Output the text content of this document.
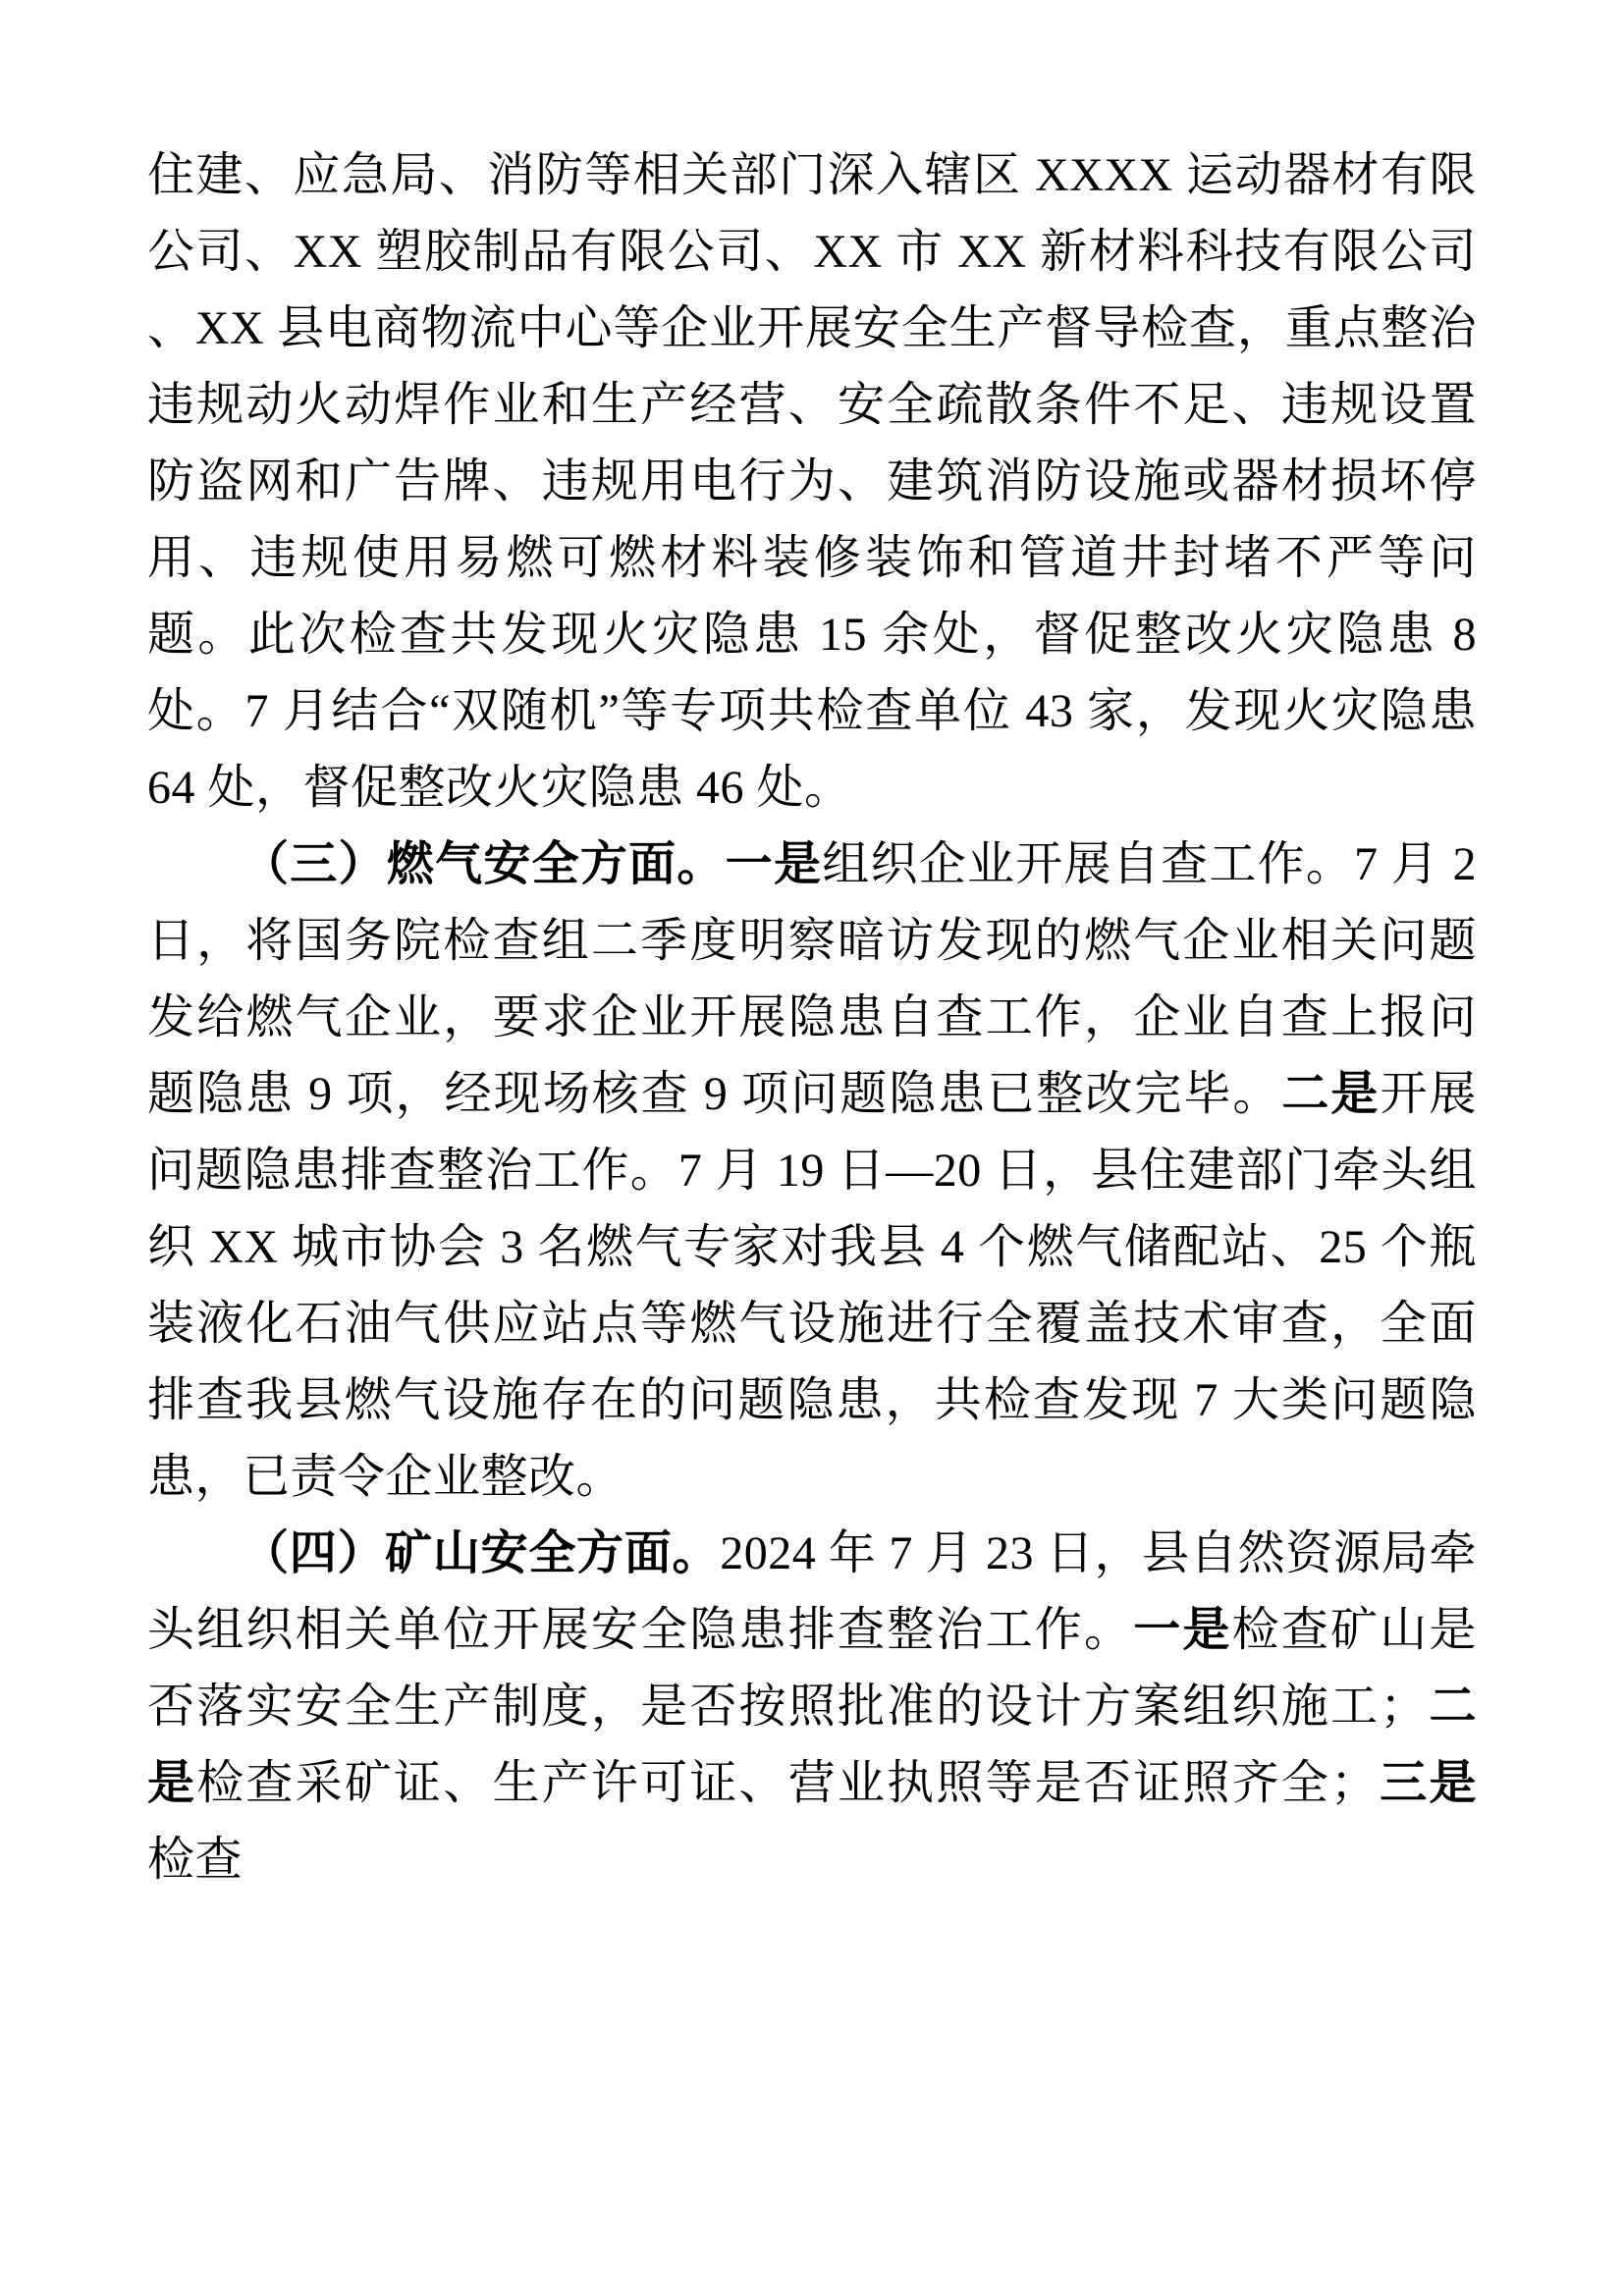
住建、应急局、消防等相关部门深入辖区 XXXX 运动器材有限公司、XX 塑胶制品有限公司、XX 市 XX 新材料科技有限公司 、XX 县电商物流中心等企业开展安全生产督导检查，重点整治违规动火动焊作业和生产经营、安全疏散条件不足、违规设置防盗网和广告牌、违规用电行为、建筑消防设施或器材损坏停用、违规使用易燃可燃材料装修装饰和管道井封堵不严等问题。此次检查共发现火灾隐患 15 余处，督促整改火灾隐患 8 处。7 月结合“双随机”等专项共检查单位 43 家，发现火灾隐患 64 处，督促整改火灾隐患 46 处。

（三）燃气安全方面。一是组织企业开展自查工作。7 月 2 日，将国务院检查组二季度明察暗访发现的燃气企业相关问题发给燃气企业，要求企业开展隐患自查工作，企业自查上报问题隐患 9 项，经现场核查 9 项问题隐患已整改完毕。二是开展问题隐患排查整治工作。7 月 19 日—20 日，县住建部门牵头组织 XX 城市协会 3 名燃气专家对我县 4 个燃气储配站、25 个瓶装液化石油气供应站点等燃气设施进行全覆盖技术审查，全面排查我县燃气设施存在的问题隐患，共检查发现 7 大类问题隐患，已责令企业整改。

（四）矿山安全方面。2024 年 7 月 23 日，县自然资源局牵头组织相关单位开展安全隐患排查整治工作。一是检查矿山是否落实安全生产制度，是否按照批准的设计方案组织施工；二是检查采矿证、生产许可证、营业执照等是否证照齐全；三是检查
